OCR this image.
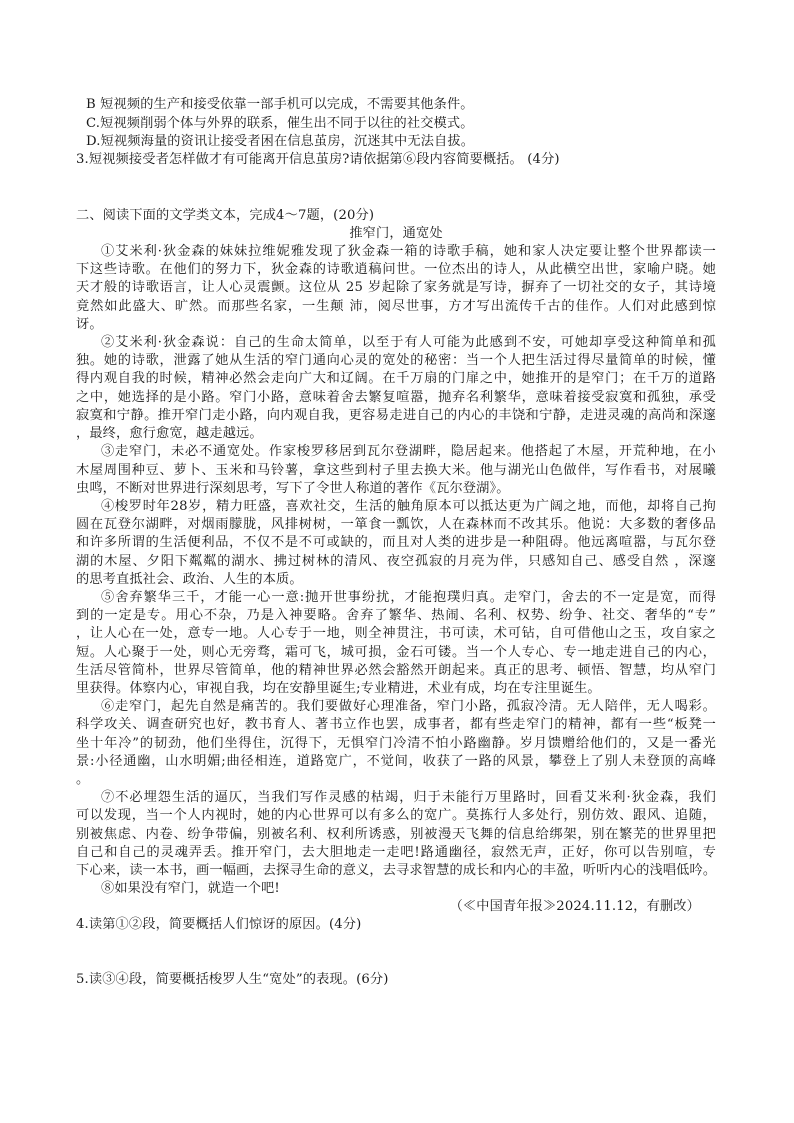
B 短视频的生产和接受依靠一部手机可以完成，不需要其他条件。
C.短视频削弱个体与外界的联系，催生出不同于以往的社交模式。
D.短视频海量的资讯让接受者困在信息茧房，沉迷其中无法自拔。
3.短视频接受者怎样做才有可能离开信息茧房?请依据第⑥段内容简要概括。 (4分)
二、阅读下面的文学类文本，完成4～7题，(20分)
推窄门，通宽处
①艾米利·狄金森的妹妹拉维妮雅发现了狄金森一箱的诗歌手稿，她和家人决定要让整个世界都读一
下这些诗歌。在他们的努力下，狄金森的诗歌逍稿问世。一位杰出的诗人，从此横空出世，家喻户晓。她
天才般的诗歌语言，让人心灵震颤。这位从 25 岁起除了家务就是写诗，摒弃了一切社交的女子，其诗境
竟然如此盛大、旷然。而那些名家，一生颠 沛，阅尽世事，方才写出流传千古的佳作。人们对此感到惊
讶。
②艾米利·狄金森说：自己的生命太简单，以至于有人可能为此感到不安，可她却享受这种简单和孤
独。她的诗歌，泄露了她从生活的窄门通向心灵的宽处的秘密：当一个人把生活过得尽量简单的时候，懂
得内观自我的时候，精神必然会走向广大和辽阔。在千万扇的门扉之中，她推开的是窄门；在千万的道路
之中，她选择的是小路。窄门小路，意味着舍去繁复喧嚣，抛弃名利繁华，意味着接受寂寞和孤独，承受
寂寞和宁静。推开窄门走小路，向内观自我，更容易走进自己的内心的丰饶和宁静，走进灵魂的高尚和深邃
，最终，愈行愈宽，越走越远。
③走窄门，未必不通宽处。作家梭罗移居到瓦尔登湖畔，隐居起来。他搭起了木屋，开荒种地，在小
木屋周围种豆、萝卜、玉米和马铃薯，拿这些到村子里去换大米。他与湖光山色做伴，写作看书，对展曦
虫鸣，不断对世界进行深刻思考，写下了令世人称道的著作《瓦尔登湖》。
④梭罗时年28岁，精力旺盛，喜欢社交，生活的触角原本可以抵达更为广阔之地，而他，却将自己拘
圆在瓦登尔湖畔，对烟雨朦胧，风排树树，一箪食一瓢饮，人在森林而不改其乐。他说：大多数的奢侈品
和许多所谓的生活便利品，不仅不是不可或缺的，而且对人类的进步是一种阻碍。他远离喧嚣，与瓦尔登
湖的木屋、夕阳下粼粼的湖水、拂过树林的清风、夜空孤寂的月亮为伴，只感知自己、感受自然 ，深邃
的思考直抵社会、政治、人生的本质。
⑤舍弃繁华三千，才能一心一意:抛开世事纷扰，才能抱璞归真。走窄门，舍去的不一定是宽，而得
到的一定是专。用心不杂，乃是入神要略。舍弃了繁华、热闹、名利、权势、纷争、社交、奢华的“专”
，让人心在一处，意专一地。人心专于一地，则全神贯注，书可读，术可钻，自可借他山之玉，攻自家之
短。人心聚于一处，则心无旁骛，霜可飞，城可损，金石可镂。当一个人专心、专一地走进自己的内心，
生活尽管简朴，世界尽管简单，他的精神世界必然会豁然开朗起来。真正的思考、顿悟、智慧，均从窄门
里获得。体察内心，审视自我，均在安静里诞生;专业精进，术业有成，均在专注里诞生。
⑥走窄门，起先自然是痛苦的。我们要做好心理准备，窄门小路，孤寂冷清。无人陪伴，无人喝彩。
科学攻关、调查研究也好，教书育人、著书立作也罢，成事者，都有些走窄门的精神，都有一些“板凳一
坐十年冷”的韧劲，他们坐得住，沉得下，无惧窄门冷清不怕小路幽静。岁月馈赠给他们的，又是一番光
景:小径通幽，山水明媚;曲径相连，道路宽广，不觉间，收获了一路的风景，攀登上了别人未登顶的高峰
。
⑦不必埋怨生活的逼仄，当我们写作灵感的枯竭，归于未能行万里路时，回看艾米利·狄金森，我们
可以发现，当一个人内视时，她的内心世界可以有多么的宽广。莫拣行人多处行，别仿效、跟风、追随，
别被焦虑、内卷、纷争带偏，别被名利、权利所诱惑，别被漫天飞舞的信息给绑架，别在繁芜的世界里把
自己和自己的灵魂弄丢。推开窄门，去大胆地走一走吧!路通幽径，寂然无声，正好，你可以告别喧，专
下心来，读一本书，画一幅画，去探寻生命的意义，去寻求智慧的成长和内心的丰盈，听听内心的浅唱低吟。
⑧如果没有窄门，就造一个吧!
（≪中国青年报≫2024.11.12，有删改）
4.读第①②段，简要概括人们惊讶的原因。(4分)
5.读③④段，简要概括梭罗人生“宽处”的表现。(6分)
